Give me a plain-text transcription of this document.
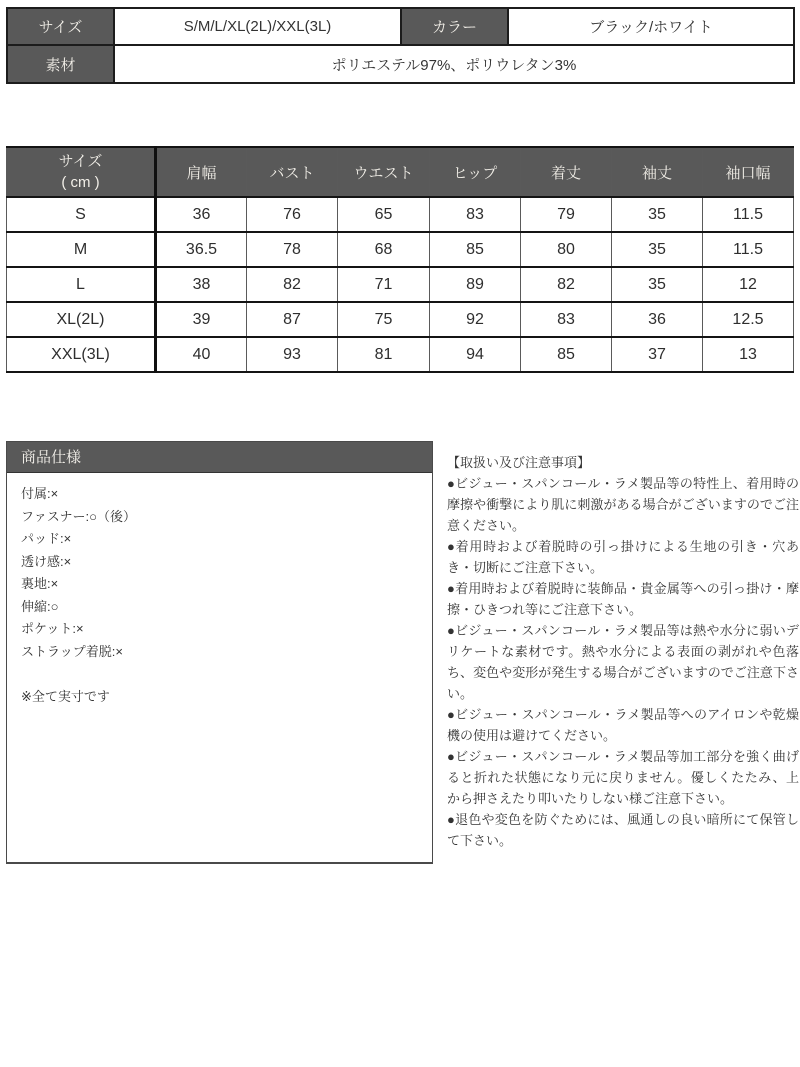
サイズ	S/M/L/XL(2L)/XXL(3L)	カラー	ブラック/ホワイト
素材	ポリエステル97%、ポリウレタン3%		
サイズ
( cm )	肩幅	バスト	ウエスト	ヒップ	着丈	袖丈	袖口幅
S	36	76	65	83	79	35	11.5
M	36.5	78	68	85	80	35	11.5
L	38	82	71	89	82	35	12
XL(2L)	39	87	75	92	83	36	12.5
XXL(3L)	40	93	81	94	85	37	13
商品仕様
付属:×
ファスナー:○（後）
パッド:×
透け感:×
裏地:×
伸縮:○
ポケット:×
ストラップ着脱:×
※全て実寸です

【取扱い及び注意事項】

●ビジュー・スパンコール・ラメ製品等の特性上、着用時の摩擦や衝撃により肌に刺激がある場合がございますのでご注意ください。

●着用時および着脱時の引っ掛けによる生地の引き・穴あき・切断にご注意下さい。

●着用時および着脱時に装飾品・貴金属等への引っ掛け・摩擦・ひきつれ等にご注意下さい。

●ビジュー・スパンコール・ラメ製品等は熱や水分に弱いデリケートな素材です。熱や水分による表面の剥がれや色落ち、変色や変形が発生する場合がございますのでご注意下さい。

●ビジュー・スパンコール・ラメ製品等へのアイロンや乾燥機の使用は避けてください。

●ビジュー・スパンコール・ラメ製品等加工部分を強く曲げると折れた状態になり元に戻りません。優しくたたみ、上から押さえたり叩いたりしない様ご注意下さい。

●退色や変色を防ぐためには、風通しの良い暗所にて保管して下さい。
